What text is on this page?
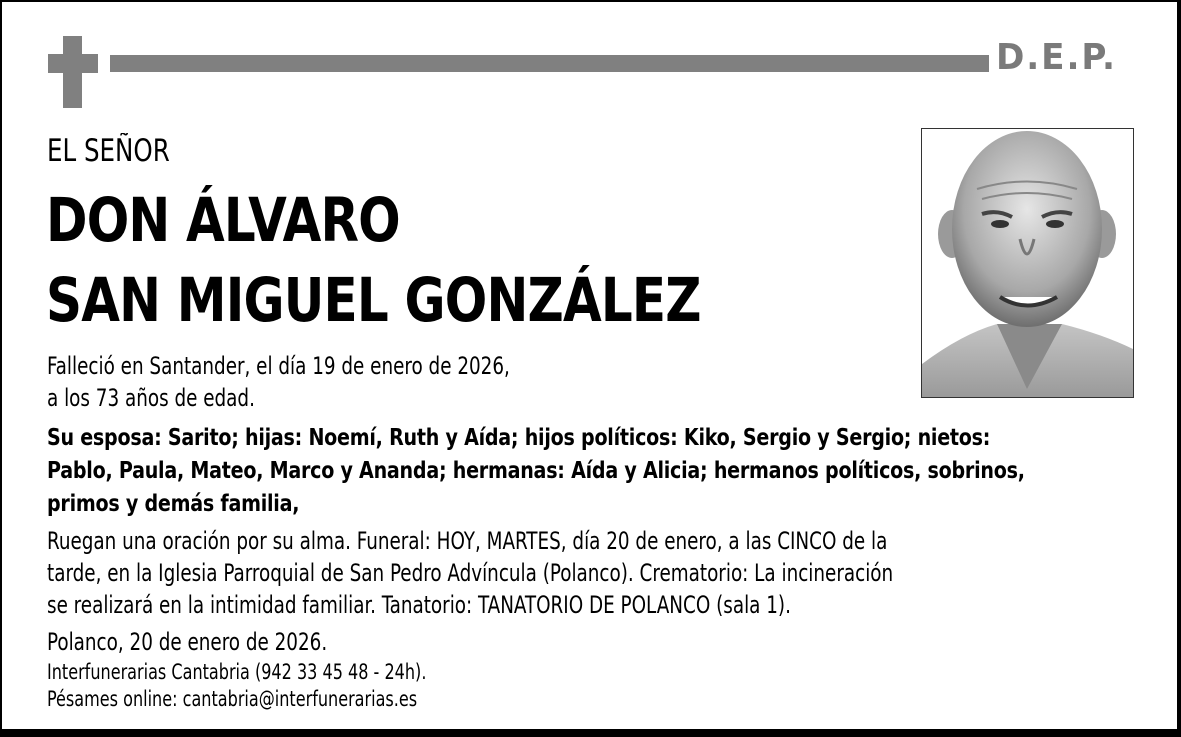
D.E.P.
EL SEÑOR
DON ÁLVARO
SAN MIGUEL GONZÁLEZ
Falleció en Santander, el día 19 de enero de 2026,
a los 73 años de edad.
Su esposa: Sarito; hijas: Noemí, Ruth y Aída; hijos políticos: Kiko, Sergio y Sergio; nietos:
Pablo, Paula, Mateo, Marco y Ananda; hermanas: Aída y Alicia; hermanos políticos, sobrinos,
primos y demás familia,
Ruegan una oración por su alma. Funeral: HOY, MARTES, día 20 de enero, a las CINCO de la
tarde, en la Iglesia Parroquial de San Pedro Advíncula (Polanco). Crematorio: La incineración
se realizará en la intimidad familiar. Tanatorio: TANATORIO DE POLANCO (sala 1).
Polanco, 20 de enero de 2026.
Interfunerarias Cantabria (942 33 45 48 - 24h).
Pésames online: cantabria@interfunerarias.es
